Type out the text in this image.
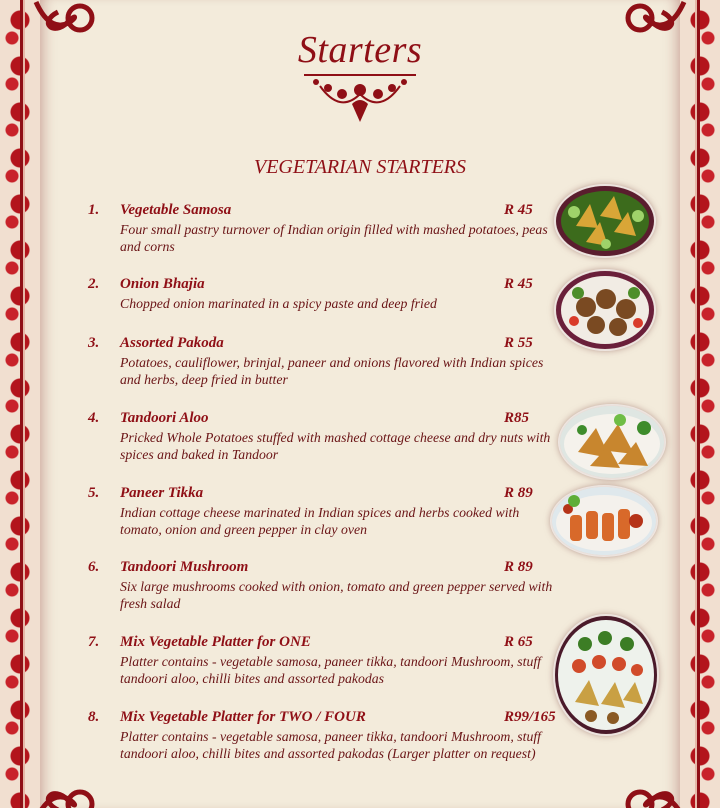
Starters
VEGETARIAN STARTERS
1. Vegetable Samosa	R 45
Four small pastry turnover of Indian origin filled with mashed potatoes, peas and corns
2. Onion Bhajia	R 45
Chopped onion marinated in a spicy paste and deep fried
3. Assorted Pakoda	R 55
Potatoes, cauliflower, brinjal, paneer and onions flavored with Indian spices and herbs, deep fried in butter
4. Tandoori Aloo	R85
Pricked Whole Potatoes stuffed with mashed cottage cheese and dry nuts with spices and baked in Tandoor
5. Paneer Tikka	R 89
Indian cottage cheese marinated in Indian spices and herbs cooked with tomato, onion and green pepper in clay oven
6. Tandoori Mushroom	R 89
Six large mushrooms cooked with onion, tomato and green pepper served with fresh salad
7. Mix Vegetable Platter for ONE	R 65
Platter contains - vegetable samosa, paneer tikka, tandoori Mushroom, stuff tandoori aloo, chilli bites and assorted pakodas
8. Mix Vegetable Platter for TWO / FOUR	R99/165
Platter contains - vegetable samosa, paneer tikka, tandoori Mushroom, stuff tandoori aloo, chilli bites and assorted pakodas (Larger platter on request)
